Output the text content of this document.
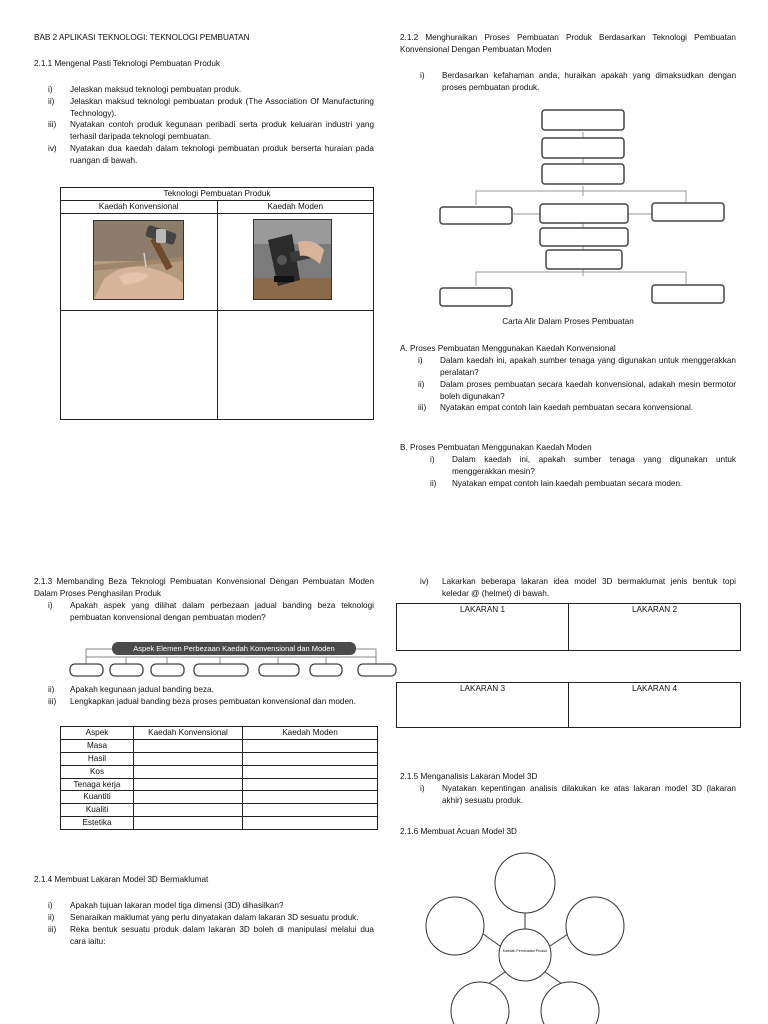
BAB 2 APLIKASI TEKNOLOGI: TEKNOLOGI PEMBUATAN

2.1.1 Mengenal Pasti Teknologi Pembuatan Produk

i) Jelaskan maksud teknologi pembuatan produk.
ii) Jelaskan maksud teknologi pembuatan produk (The Association Of Manufacturing Technology).
iii) Nyatakan contoh produk kegunaan peribadi serta produk keluaran industri yang terhasil daripada teknologi pembuatan.
iv) Nyatakan dua kaedah dalam teknologi pembuatan produk berserta huraian pada ruangan di bawah.
Teknologi Pembuatan Produk	
Kaedah Konvensional	Kaedah Moden

2.1.2 Menghuraikan Proses Pembuatan Produk Berdasarkan Teknologi Pembuatan Konvensional Dengan Pembuatan Moden

i) Berdasarkan kefahaman anda, huraikan apakah yang dimaksudkan dengan proses pembuatan produk.
Carta Alir Dalam Proses Pembuatan

A. Proses Pembuatan Menggunakan Kaedah Konvensional

i) Dalam kaedah ini, apakah sumber tenaga yang digunakan untuk menggerakkan peralatan?
ii) Dalam proses pembuatan secara kaedah konvensional, adakah mesin bermotor boleh digunakan?
iii) Nyatakan empat contoh lain kaedah pembuatan secara konvensional.

B. Proses Pembuatan Menggunakan Kaedah Moden

i) Dalam kaedah ini, apakah sumber tenaga yang digunakan untuk menggerakkan mesin?
ii) Nyatakan empat contoh lain kaedah pembuatan secara moden.

2.1.3 Membanding Beza Teknologi Pembuatan Konvensional Dengan Pembuatan Moden Dalam Proses Penghasilan Produk

i) Apakah aspek yang dilihat dalam perbezaan jadual banding beza teknologi pembuatan konvensional dengan pembuatan moden?
Aspek Elemen Perbezaan Kaedah Konvensional dan Moden
ii) Apakah kegunaan jadual banding beza.
iii) Lengkapkan jadual banding beza proses pembuatan konvensional dan moden.
Aspek	Kaedah Konvensional	Kaedah Moden
Masa		
Hasil		
Kos		
Tenaga kerja		
Kuantiti		
Kualiti		
Estetika		

2.1.4 Membuat Lakaran Model 3D Bermaklumat

i) Apakah tujuan lakaran model tiga dimensi (3D) dihasilkan?
ii) Senaraikan maklumat yang perlu dinyatakan dalam lakaran 3D sesuatu produk.
iii) Reka bentuk sesuatu produk dalam lakaran 3D boleh di manipulasi melalui dua cara iaitu:
iv) Lakarkan beberapa lakaran idea model 3D bermaklumat jenis bentuk topi keledar @ (helmet) di bawah.
LAKARAN 1	LAKARAN 2
LAKARAN 3	LAKARAN 4

2.1.5 Menganalisis Lakaran Model 3D

i) Nyatakan kepentingan analisis dilakukan ke atas lakaran model 3D (lakaran akhir) sesuatu produk.
2.1.6 Membuat Acuan Model 3D
Kaedah Pembuatan Produk
